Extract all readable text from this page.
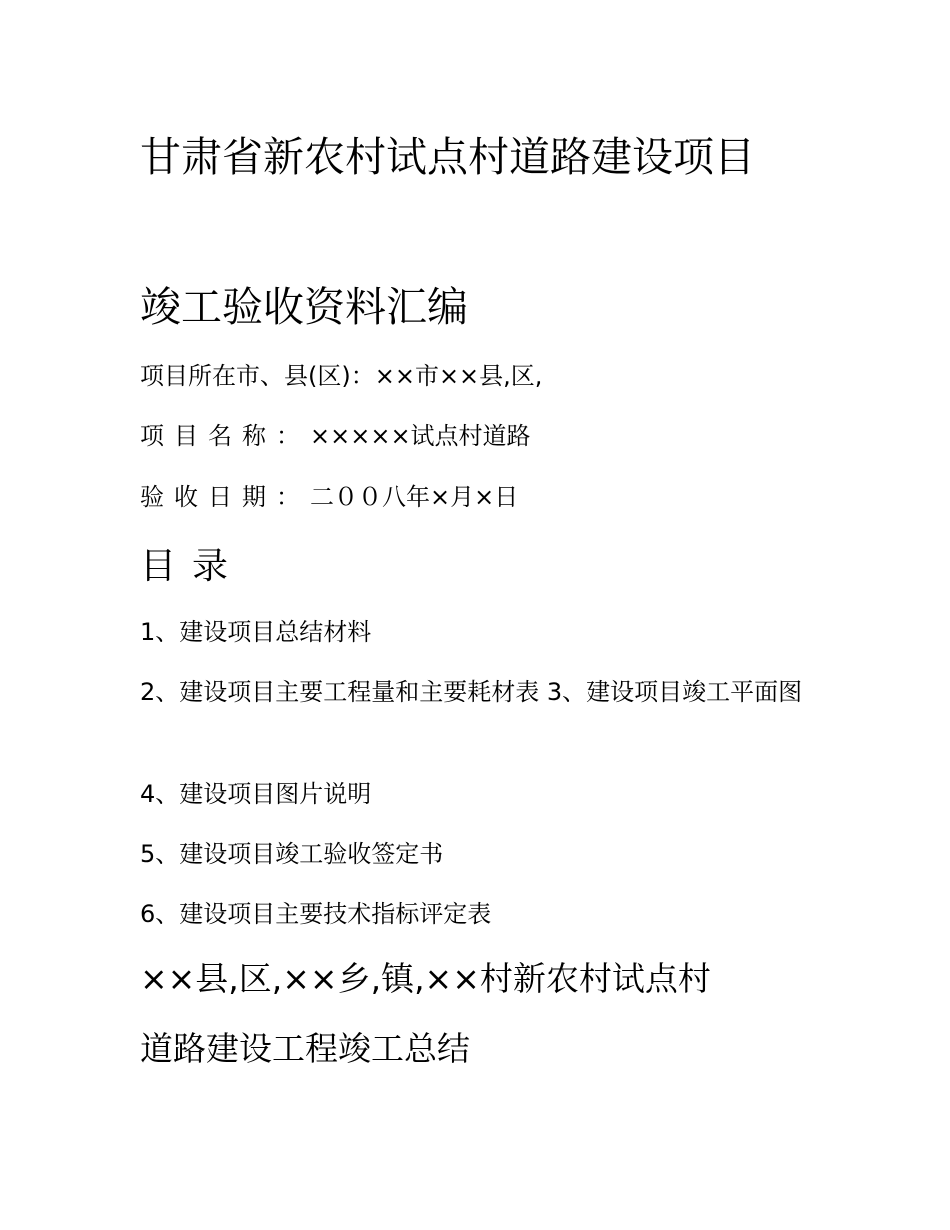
甘肃省新农村试点村道路建设项目
竣工验收资料汇编
项目所在市、县(区)：××市××县,区,
项目名称：×××××试点村道路
验收日期：二００八年×月×日
目录
1、建设项目总结材料
2、建设项目主要工程量和主要耗材表 3、建设项目竣工平面图
4、建设项目图片说明
5、建设项目竣工验收签定书
6、建设项目主要技术指标评定表
××县,区,××乡,镇,××村新农村试点村
道路建设工程竣工总结
